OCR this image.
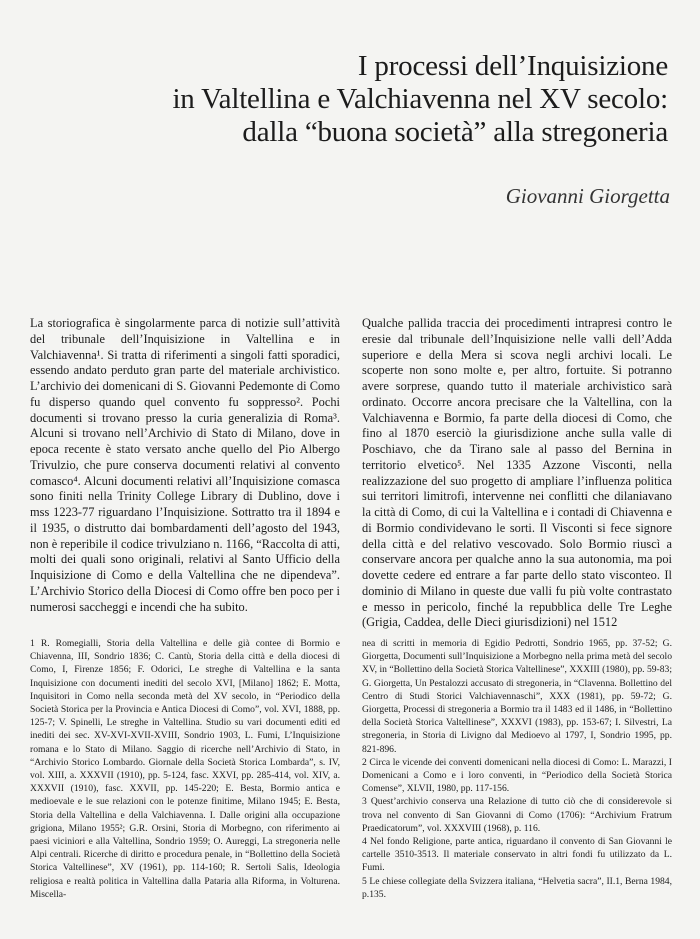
I processi dell’Inquisizione
in Valtellina e Valchiavenna nel XV secolo:
dalla “buona società” alla stregoneria
Giovanni Giorgetta

La storiografica è singolarmente parca di notizie sull’attività del tribunale dell’Inquisizione in Valtellina e in Valchiavenna¹. Si tratta di riferimenti a singoli fatti sporadici, essendo andato perduto gran parte del materiale archivistico. L’archivio dei domenicani di S. Giovanni Pedemonte di Como fu disperso quando quel convento fu soppresso². Pochi documenti si trovano presso la curia generalizia di Roma³. Alcuni si trovano nell’Archivio di Stato di Milano, dove in epoca recente è stato versato anche quello del Pio Albergo Trivulzio, che pure conserva documenti relativi al convento comasco⁴. Alcuni documenti relativi all’Inquisizione comasca sono finiti nella Trinity College Library di Dublino, dove i mss 1223-77 riguardano l’Inquisizione. Sottratto tra il 1894 e il 1935, o distrutto dai bombardamenti dell’agosto del 1943, non è reperibile il codice trivulziano n. 1166, “Raccolta di atti, molti dei quali sono originali, relativi al Santo Ufficio della Inquisizione di Como e della Valtellina che ne dipendeva”. L’Archivio Storico della Diocesi di Como offre ben poco per i numerosi saccheggi e incendi che ha subito.

Qualche pallida traccia dei procedimenti intrapresi contro le eresie dal tribunale dell’Inquisizione nelle valli dell’Adda superiore e della Mera si scova negli archivi locali. Le scoperte non sono molte e, per altro, fortuite. Si potranno avere sorprese, quando tutto il materiale archivistico sarà ordinato. Occorre ancora precisare che la Valtellina, con la Valchiavenna e Bormio, fa parte della diocesi di Como, che fino al 1870 eserciò la giurisdizione anche sulla valle di Poschiavo, che da Tirano sale al passo del Bernina in territorio elvetico⁵. Nel 1335 Azzone Visconti, nella realizzazione del suo progetto di ampliare l’influenza politica sui territori limitrofi, intervenne nei conflitti che dilaniavano la città di Como, di cui la Valtellina e i contadi di Chiavenna e di Bormio condividevano le sorti. Il Visconti si fece signore della città e del relativo vescovado. Solo Bormio riuscì a conservare ancora per qualche anno la sua autonomia, ma poi dovette cedere ed entrare a far parte dello stato visconteo. Il dominio di Milano in queste due valli fu più volte contrastato e messo in pericolo, finché la repubblica delle Tre Leghe (Grigia, Caddea, delle Dieci giurisdizioni) nel 1512

1 R. Romegialli, Storia della Valtellina e delle già contee di Bormio e Chiavenna, III, Sondrio 1836; C. Cantù, Storia della città e della diocesi di Como, I, Firenze 1856; F. Odorici, Le streghe di Valtellina e la santa Inquisizione con documenti inediti del secolo XVI, [Milano] 1862; E. Motta, Inquisitori in Como nella seconda metà del XV secolo, in “Periodico della Società Storica per la Provincia e Antica Diocesi di Como”, vol. XVI, 1888, pp. 125-7; V. Spinelli, Le streghe in Valtellina. Studio su vari documenti editi ed inediti dei sec. XV-XVI-XVII-XVIII, Sondrio 1903, L. Fumi, L’Inquisizione romana e lo Stato di Milano. Saggio di ricerche nell’Archivio di Stato, in “Archivio Storico Lombardo. Giornale della Società Storica Lombarda”, s. IV, vol. XIII, a. XXXVII (1910), pp. 5-124, fasc. XXVI, pp. 285-414, vol. XIV, a. XXXVII (1910), fasc. XXVII, pp. 145-220; E. Besta, Bormio antica e medioevale e le sue relazioni con le potenze finitime, Milano 1945; E. Besta, Storia della Valtellina e della Valchiavenna. I. Dalle origini alla occupazione grigiona, Milano 1955²; G.R. Orsini, Storia di Morbegno, con riferimento ai paesi viciniori e alla Valtellina, Sondrio 1959; O. Aureggi, La stregoneria nelle Alpi centrali. Ricerche di diritto e procedura penale, in “Bollettino della Società Storica Valtellinese”, XV (1961), pp. 114-160; R. Sertoli Salis, Ideologia religiosa e realtà politica in Valtellina dalla Pataria alla Riforma, in Volturena. Miscella-

nea di scritti in memoria di Egidio Pedrotti, Sondrio 1965, pp. 37-52; G. Giorgetta, Documenti sull’Inquisizione a Morbegno nella prima metà del secolo XV, in “Bollettino della Società Storica Valtellinese”, XXXIII (1980), pp. 59-83; G. Giorgetta, Un Pestalozzi accusato di stregoneria, in “Clavenna. Bollettino del Centro di Studi Storici Valchiavennaschi”, XXX (1981), pp. 59-72; G. Giorgetta, Processi di stregoneria a Bormio tra il 1483 ed il 1486, in “Bollettino della Società Storica Valtellinese”, XXXVI (1983), pp. 153-67; I. Silvestri, La stregoneria, in Storia di Livigno dal Medioevo al 1797, I, Sondrio 1995, pp. 821-896.

2 Circa le vicende dei conventi domenicani nella diocesi di Como: L. Marazzi, I Domenicani a Como e i loro conventi, in “Periodico della Società Storica Comense”, XLVII, 1980, pp. 117-156.

3 Quest’archivio conserva una Relazione di tutto ciò che di considerevole si trova nel convento di San Giovanni di Como (1706): “Archivium Fratrum Praedicatorum”, vol. XXXVIII (1968), p. 116.

4 Nel fondo Religione, parte antica, riguardano il convento di San Giovanni le cartelle 3510-3513. Il materiale conservato in altri fondi fu utilizzato da L. Fumi.

5 Le chiese collegiate della Svizzera italiana, “Helvetia sacra”, II.1, Berna 1984, p.135.
